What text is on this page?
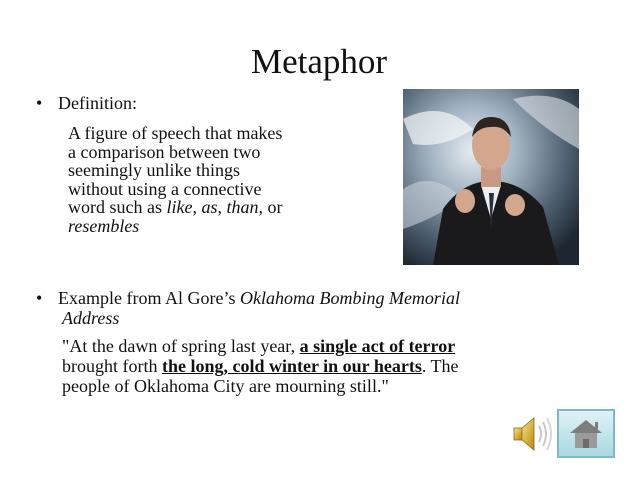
Metaphor
• Definition:
A figure of speech that makes
a comparison between two
seemingly unlike things
without using a connective
word such as like, as, than, or
resembles
• Example from Al Gore’s Oklahoma Bombing Memorial
Address
"At the dawn of spring last year, a single act of terror
brought forth the long, cold winter in our hearts. The
people of Oklahoma City are mourning still."
